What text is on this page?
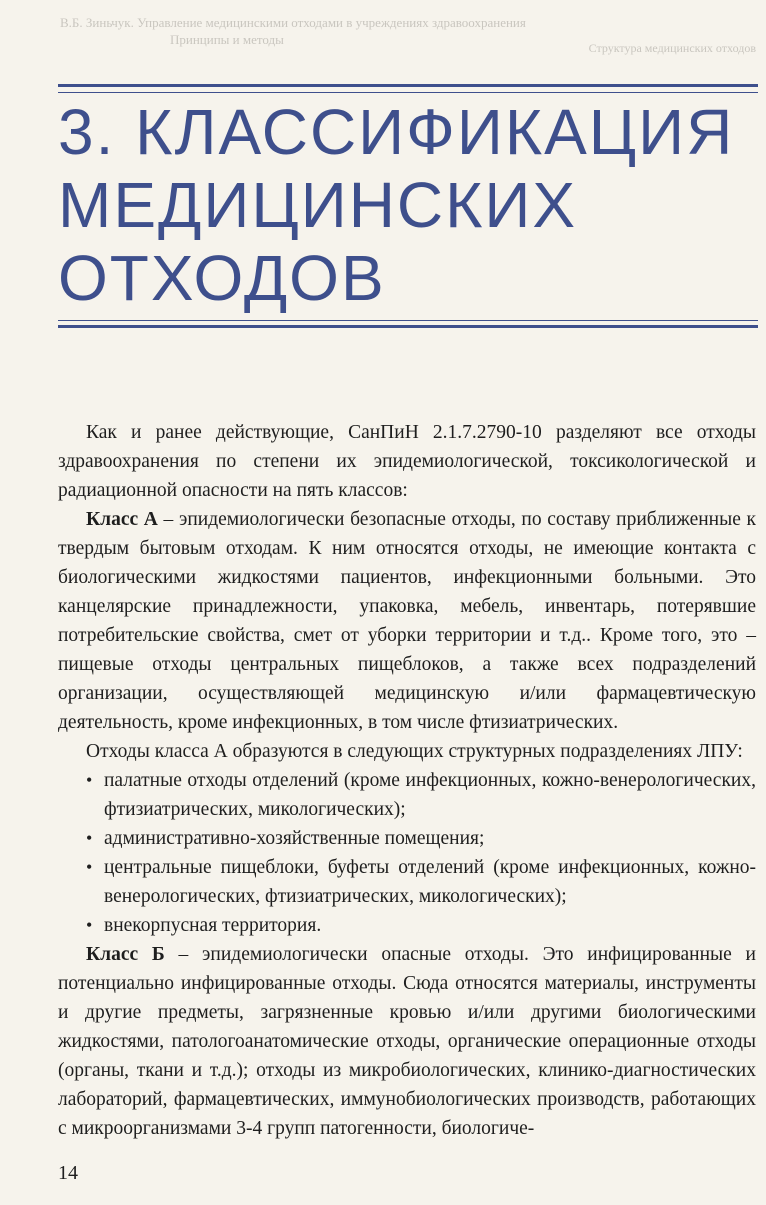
В.Б. Зиньчук. Управление медицинскими отходами в учреждениях здравоохранения
Принципы и методы
Структура медицинских отходов
3. КЛАССИФИКАЦИЯ
МЕДИЦИНСКИХ
ОТХОДОВ

Как и ранее действующие, СанПиН 2.1.7.2790-10 разделяют все отходы здравоохранения по степени их эпидемиологической, токсикологической и радиационной опасности на пять классов:

Класс А – эпидемиологически безопасные отходы, по составу приближенные к твердым бытовым отходам. К ним относятся отходы, не имеющие контакта с биологическими жидкостями пациентов, инфекционными больными. Это канцелярские принадлежности, упаковка, мебель, инвентарь, потерявшие потребительские свойства, смет от уборки территории и т.д.. Кроме того, это – пищевые отходы центральных пищеблоков, а также всех подразделений организации, осуществляющей медицинскую и/или фармацевтическую деятельность, кроме инфекционных, в том числе фтизиатрических.

Отходы класса А образуются в следующих структурных подразделениях ЛПУ:

• палатные отходы отделений (кроме инфекционных, кожно-венерологических, фтизиатрических, микологических);
• административно-хозяйственные помещения;
• центральные пищеблоки, буфеты отделений (кроме инфекционных, кожно-венерологических, фтизиатрических, микологических);
• внекорпусная территория.

Класс Б – эпидемиологически опасные отходы. Это инфицированные и потенциально инфицированные отходы. Сюда относятся материалы, инструменты и другие предметы, загрязненные кровью и/или другими биологическими жидкостями, патологоанатомические отходы, органические операционные отходы (органы, ткани и т.д.); отходы из микробиологических, клинико-диагностических лабораторий, фармацевтических, иммунобиологических производств, работающих с микроорганизмами 3-4 групп патогенности, биологиче-

14
